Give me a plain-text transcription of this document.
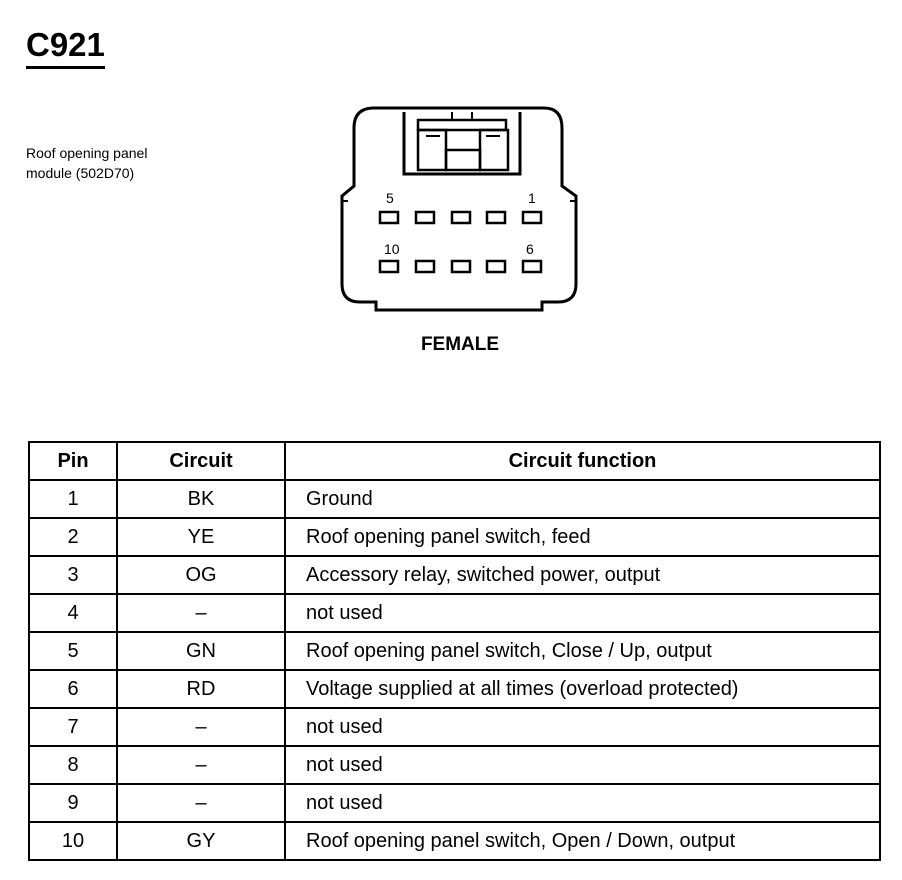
C921
Roof opening panel
module (502D70)
5	1
10	6
FEMALE
Pin	Circuit	Circuit function
1	BK	Ground
2	YE	Roof opening panel switch, feed
3	OG	Accessory relay, switched power, output
4	–	not used
5	GN	Roof opening panel switch, Close / Up, output
6	RD	Voltage supplied at all times (overload protected)
7	–	not used
8	–	not used
9	–	not used
10	GY	Roof opening panel switch, Open / Down, output
